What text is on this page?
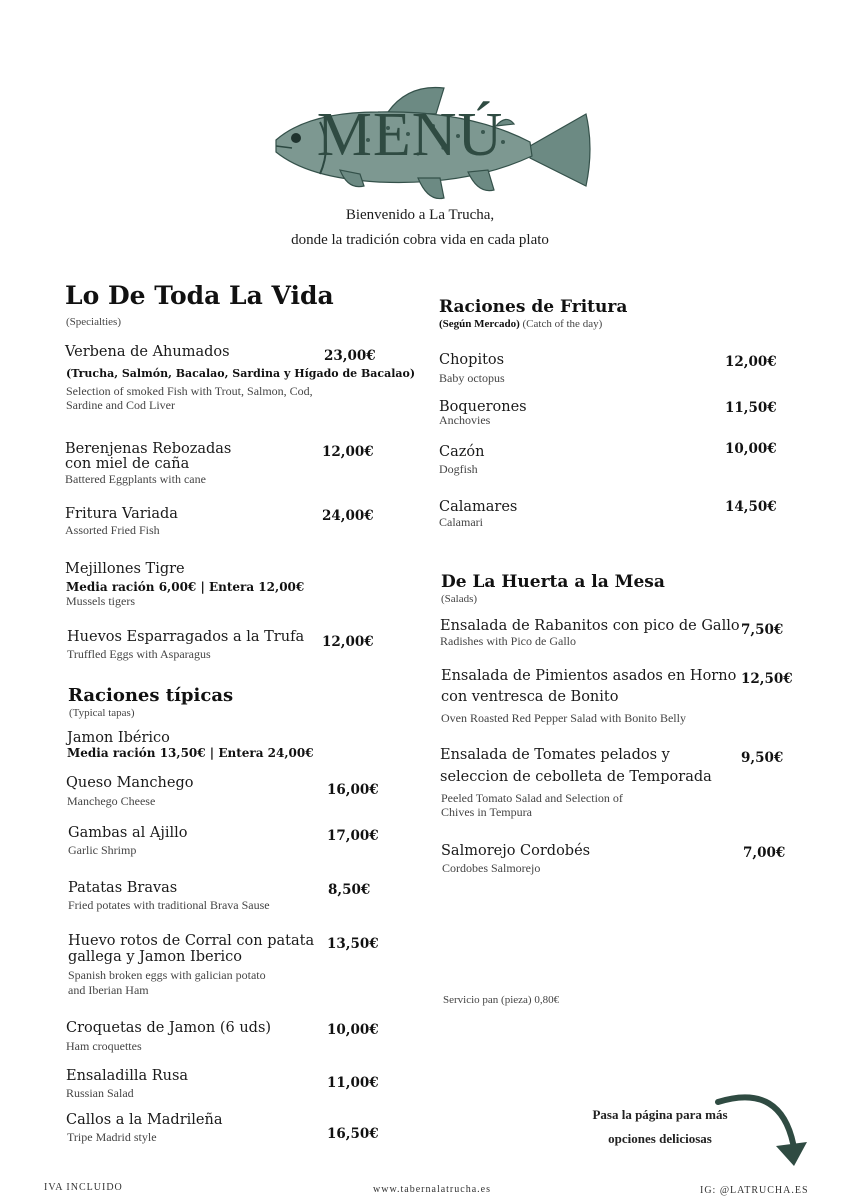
MENÚ
Bienvenido a La Trucha,
donde la tradición cobra vida en cada plato
Lo De Toda La Vida
(Specialties)
Verbena de Ahumados	23,00€
(Trucha, Salmón, Bacalao, Sardina y Hígado de Bacalao)
Selection of smoked Fish with Trout, Salmon, Cod,
Sardine and Cod Liver
Berenjenas Rebozadas
con miel de caña
12,00€
Battered Eggplants with cane
Fritura Variada	24,00€
Assorted Fried Fish
Mejillones Tigre
Media ración 6,00€ | Entera 12,00€
Mussels tigers
Huevos Esparragados a la Trufa 12,00€
Truffled Eggs with Asparagus
Raciones típicas
(Typical tapas)
Jamon Ibérico
Media ración 13,50€ | Entera 24,00€
Queso Manchego	16,00€
Manchego Cheese
Gambas al Ajillo	17,00€
Garlic Shrimp
Patatas Bravas	8,50€
Fried potates with traditional Brava Sause
Huevo rotos de Corral con patata
gallega y Jamon Iberico
13,50€
Spanish broken eggs with galician potato
and Iberian Ham
Croquetas de Jamon (6 uds)	10,00€
Ham croquettes
Ensaladilla Rusa	11,00€
Russian Salad
Callos a la Madrileña
16,50€
Tripe Madrid style
Raciones de Fritura
(Según Mercado) (Catch of the day)
Chopitos	12,00€
Baby octopus
Boquerones	11,50€
Anchovies
Cazón	10,00€
Dogfish
Calamares	14,50€
Calamari
De La Huerta a la Mesa
(Salads)
Ensalada de Rabanitos con pico de Gallo 7,50€
Radishes with Pico de Gallo
Ensalada de Pimientos asados en Horno
con ventresca de Bonito
12,50€
Oven Roasted Red Pepper Salad with Bonito Belly
Ensalada de Tomates pelados y
seleccion de cebolleta de Temporada
9,50€
Peeled Tomato Salad and Selection of
Chives in Tempura
Salmorejo Cordobés	7,00€
Cordobes Salmorejo
Servicio pan (pieza) 0,80€
Pasa la página para más
opciones deliciosas
IVA INCLUIDO	www.tabernalatrucha.es	IG: @LATRUCHA.ES
